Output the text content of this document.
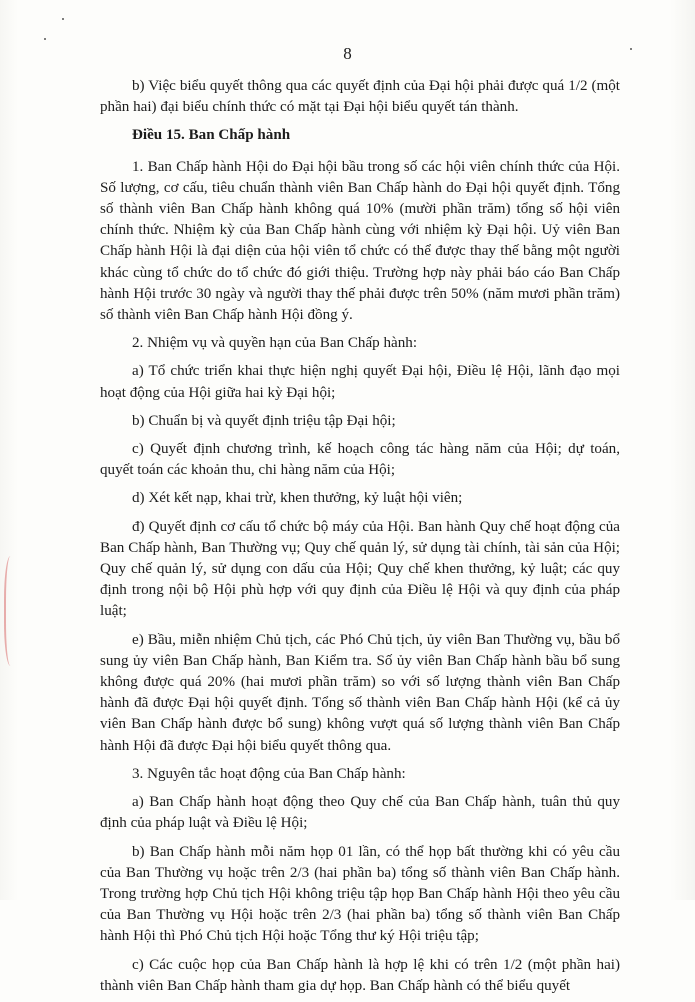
8

b) Việc biểu quyết thông qua các quyết định của Đại hội phải được quá 1/2 (một phần hai) đại biểu chính thức có mặt tại Đại hội biểu quyết tán thành.

Điều 15. Ban Chấp hành

1. Ban Chấp hành Hội do Đại hội bầu trong số các hội viên chính thức của Hội. Số lượng, cơ cấu, tiêu chuẩn thành viên Ban Chấp hành do Đại hội quyết định. Tổng số thành viên Ban Chấp hành không quá 10% (mười phần trăm) tổng số hội viên chính thức. Nhiệm kỳ của Ban Chấp hành cùng với nhiệm kỳ Đại hội. Uỷ viên Ban Chấp hành Hội là đại diện của hội viên tổ chức có thể được thay thế bằng một người khác cùng tổ chức do tổ chức đó giới thiệu. Trường hợp này phải báo cáo Ban Chấp hành Hội trước 30 ngày và người thay thế phải được trên 50% (năm mươi phần trăm) số thành viên Ban Chấp hành Hội đồng ý.

2. Nhiệm vụ và quyền hạn của Ban Chấp hành:

a) Tổ chức triển khai thực hiện nghị quyết Đại hội, Điều lệ Hội, lãnh đạo mọi hoạt động của Hội giữa hai kỳ Đại hội;

b) Chuẩn bị và quyết định triệu tập Đại hội;

c) Quyết định chương trình, kế hoạch công tác hàng năm của Hội; dự toán, quyết toán các khoản thu, chi hàng năm của Hội;

d) Xét kết nạp, khai trừ, khen thưởng, kỷ luật hội viên;

đ) Quyết định cơ cấu tổ chức bộ máy của Hội. Ban hành Quy chế hoạt động của Ban Chấp hành, Ban Thường vụ; Quy chế quản lý, sử dụng tài chính, tài sản của Hội; Quy chế quản lý, sử dụng con dấu của Hội; Quy chế khen thưởng, kỷ luật; các quy định trong nội bộ Hội phù hợp với quy định của Điều lệ Hội và quy định của pháp luật;

e) Bầu, miễn nhiệm Chủ tịch, các Phó Chủ tịch, ủy viên Ban Thường vụ, bầu bổ sung ủy viên Ban Chấp hành, Ban Kiểm tra. Số ủy viên Ban Chấp hành bầu bổ sung không được quá 20% (hai mươi phần trăm) so với số lượng thành viên Ban Chấp hành đã được Đại hội quyết định. Tổng số thành viên Ban Chấp hành Hội (kể cả ủy viên Ban Chấp hành được bổ sung) không vượt quá số lượng thành viên Ban Chấp hành Hội đã được Đại hội biểu quyết thông qua.

3. Nguyên tắc hoạt động của Ban Chấp hành:

a) Ban Chấp hành hoạt động theo Quy chế của Ban Chấp hành, tuân thủ quy định của pháp luật và Điều lệ Hội;

b) Ban Chấp hành mỗi năm họp 01 lần, có thể họp bất thường khi có yêu cầu của Ban Thường vụ hoặc trên 2/3 (hai phần ba) tổng số thành viên Ban Chấp hành. Trong trường hợp Chủ tịch Hội không triệu tập họp Ban Chấp hành Hội theo yêu cầu của Ban Thường vụ Hội hoặc trên 2/3 (hai phần ba) tổng số thành viên Ban Chấp hành Hội thì Phó Chủ tịch Hội hoặc Tổng thư ký Hội triệu tập;

c) Các cuộc họp của Ban Chấp hành là hợp lệ khi có trên 1/2 (một phần hai) thành viên Ban Chấp hành tham gia dự họp. Ban Chấp hành có thể biểu quyết
